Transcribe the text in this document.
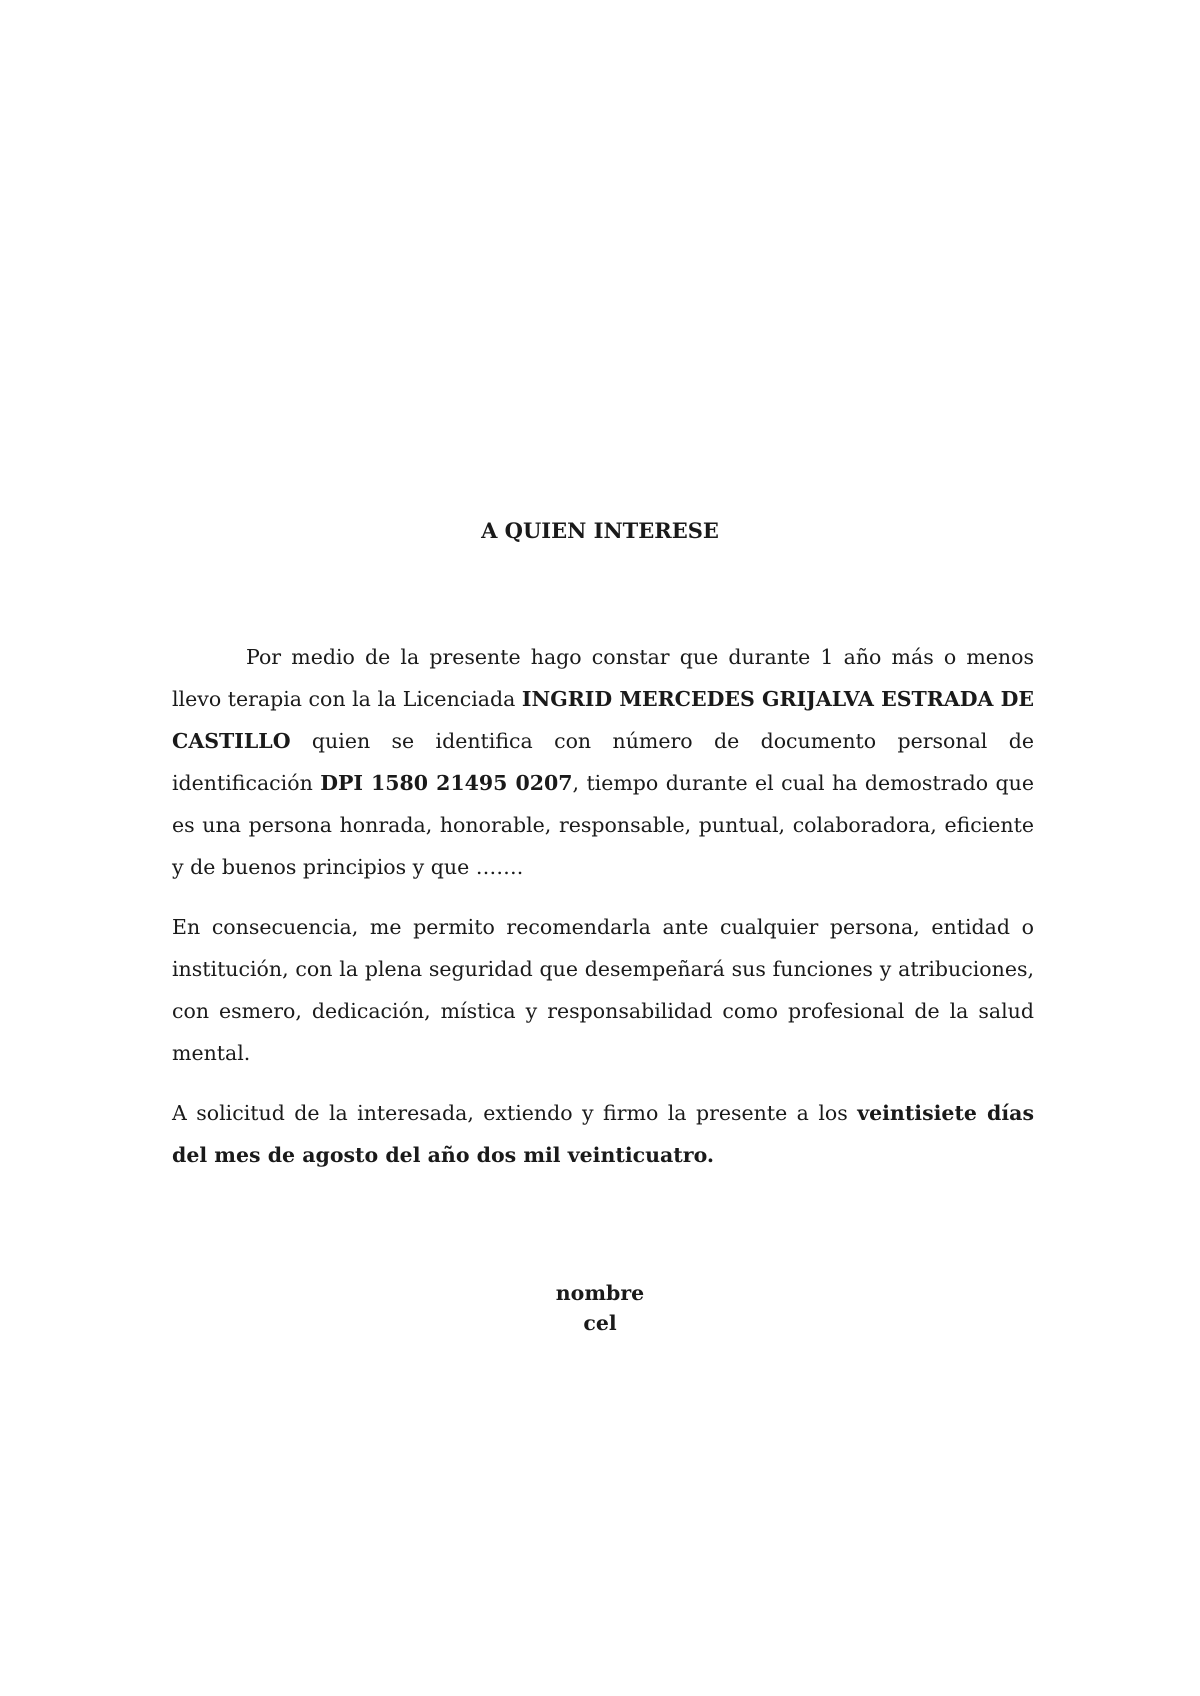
A QUIEN INTERESE

Por medio de la presente hago constar que durante 1 año más o menos llevo terapia con la la Licenciada INGRID MERCEDES GRIJALVA ESTRADA DE CASTILLO quien se identifica con número de documento personal de identificación DPI 1580 21495 0207, tiempo durante el cual ha demostrado que es una persona honrada, honorable, responsable, puntual, colaboradora, eficiente y de buenos principios y que …….

En consecuencia, me permito recomendarla ante cualquier persona, entidad o institución, con la plena seguridad que desempeñará sus funciones y atribuciones, con esmero, dedicación, mística y responsabilidad como profesional de la salud mental.

A solicitud de la interesada, extiendo y firmo la presente a los veintisiete días del mes de agosto del año dos mil veinticuatro.

nombre
cel
